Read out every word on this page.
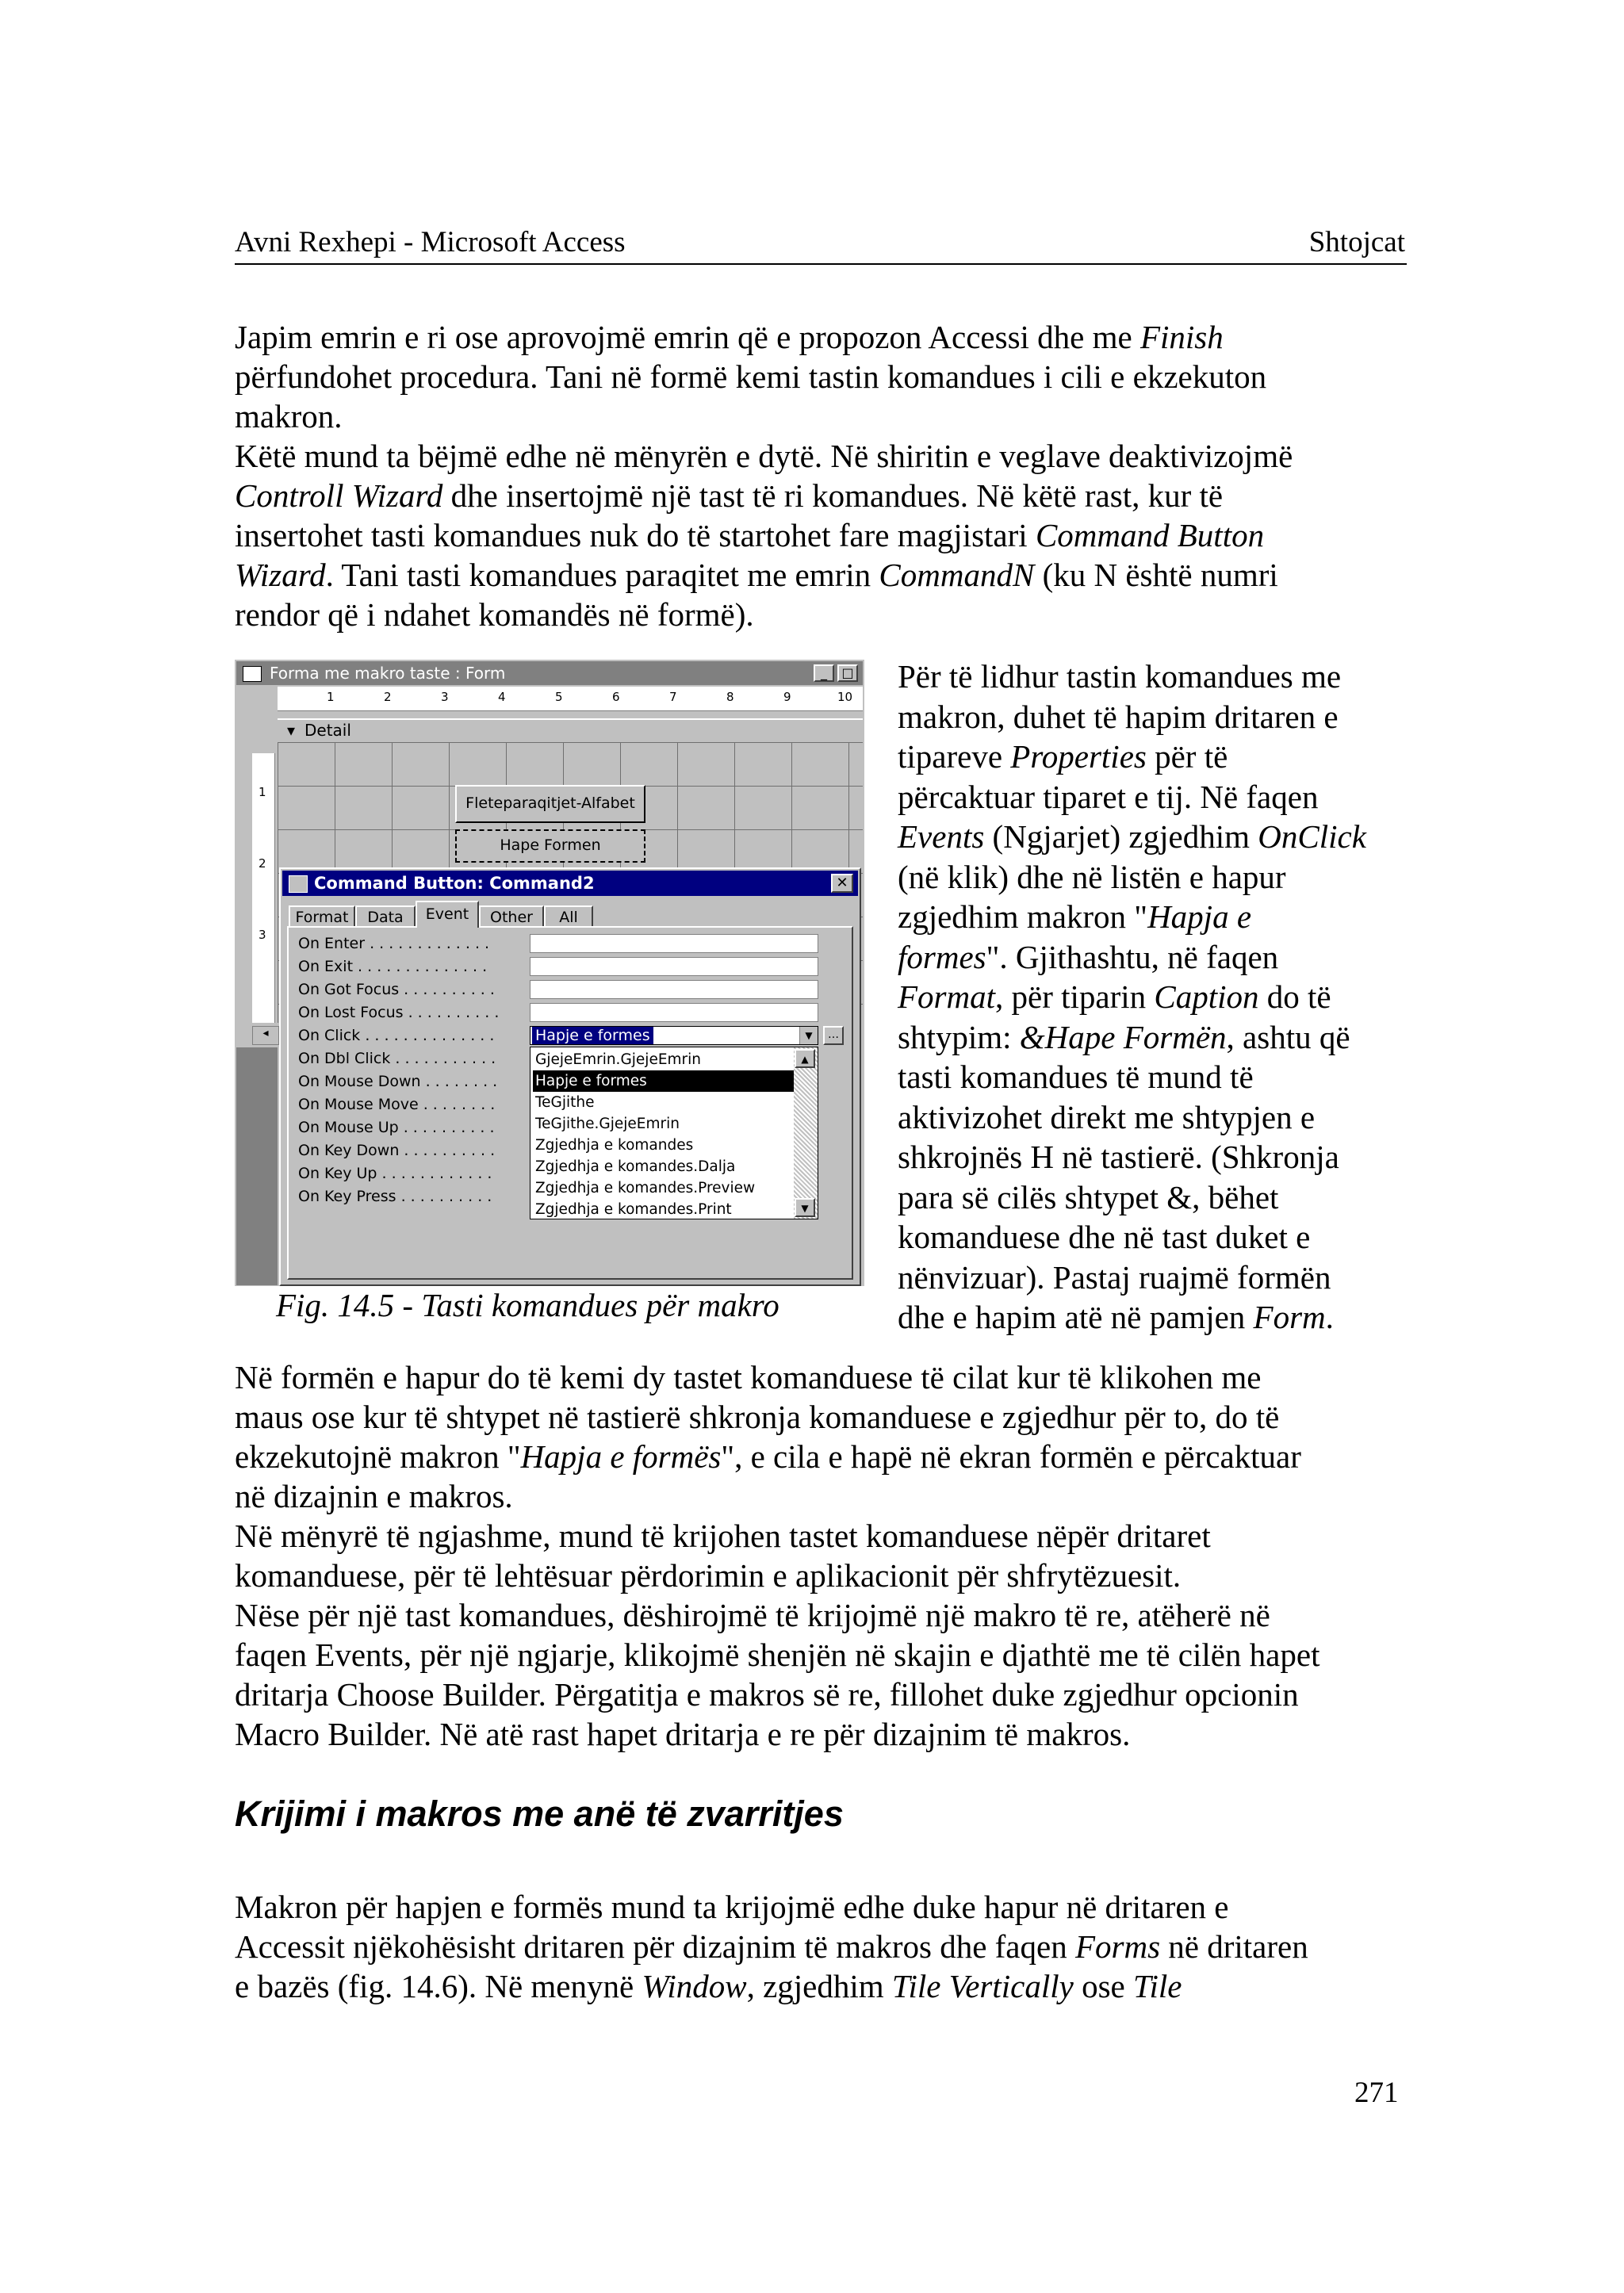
Avni Rexhepi - Microsoft Access	Shtojcat

Japim emrin e ri ose aprovojmë emrin që e propozon Accessi dhe me Finish

përfundohet procedura. Tani në formë kemi tastin komandues i cili e ekzekuton

makron.

Këtë mund ta bëjmë edhe në mënyrën e dytë. Në shiritin e veglave deaktivizojmë

Controll Wizard dhe insertojmë një tast të ri komandues. Në këtë rast, kur të

insertohet tasti komandues nuk do të startohet fare magjistari Command Button

Wizard. Tani tasti komandues paraqitet me emrin CommandN (ku N është numri

rendor që i ndahet komandës në formë).

Forma me makro taste : Form	_	□
1	2	3	4	5	6	7	8	9	10
▾ Detail
1
2
3
Fleteparaqitjet-Alfabet
Hape Formen
◂
Command Button: Command2	✕
Format	Data	Event	Other	All
On Enter . . . . . . . . . . . . .
On Exit . . . . . . . . . . . . . .
On Got Focus . . . . . . . . . .
On Lost Focus . . . . . . . . . .
On Click . . . . . . . . . . . . . .	Hapje e formes	▼	…
On Dbl Click . . . . . . . . . . .
On Mouse Down . . . . . . . .
On Mouse Move . . . . . . . .
On Mouse Up . . . . . . . . . .
On Key Down . . . . . . . . . .
On Key Up . . . . . . . . . . . .
On Key Press . . . . . . . . . .
GjejeEmrin.GjejeEmrin
Hapje e formes
TeGjithe
TeGjithe.GjejeEmrin
Zgjedhja e komandes
Zgjedhja e komandes.Dalja
Zgjedhja e komandes.Preview
Zgjedhja e komandes.Print
▲
▼
Fig. 14.5 - Tasti komandues për makro
Për të lidhur tastin komandues me
makron, duhet të hapim dritaren e
tipareve Properties për të
përcaktuar tiparet e tij. Në faqen
Events (Ngjarjet) zgjedhim OnClick
(në klik) dhe në listën e hapur
zgjedhim makron "Hapja e
formes". Gjithashtu, në faqen
Format, për tiparin Caption do të
shtypim: &Hape Formën, ashtu që
tasti komandues të mund të
aktivizohet direkt me shtypjen e
shkrojnës H në tastierë. (Shkronja
para së cilës shtypet &, bëhet
komanduese dhe në tast duket e
nënvizuar). Pastaj ruajmë formën
dhe e hapim atë në pamjen Form.

Në formën e hapur do të kemi dy tastet komanduese të cilat kur të klikohen me

maus ose kur të shtypet në tastierë shkronja komanduese e zgjedhur për to, do të

ekzekutojnë makron "Hapja e formës", e cila e hapë në ekran formën e përcaktuar

në dizajnin e makros.

Në mënyrë të ngjashme, mund të krijohen tastet komanduese nëpër dritaret

komanduese, për të lehtësuar përdorimin e aplikacionit për shfrytëzuesit.

Nëse për një tast komandues, dëshirojmë të krijojmë një makro të re, atëherë në

faqen Events, për një ngjarje, klikojmë shenjën në skajin e djathtë me të cilën hapet

dritarja Choose Builder. Përgatitja e makros së re, fillohet duke zgjedhur opcionin

Macro Builder. Në atë rast hapet dritarja e re për dizajnim të makros.

Krijimi i makros me anë të zvarritjes

Makron për hapjen e formës mund ta krijojmë edhe duke hapur në dritaren e

Accessit njëkohësisht dritaren për dizajnim të makros dhe faqen Forms në dritaren

e bazës (fig. 14.6). Në menynë Window, zgjedhim Tile Vertically ose Tile

271
